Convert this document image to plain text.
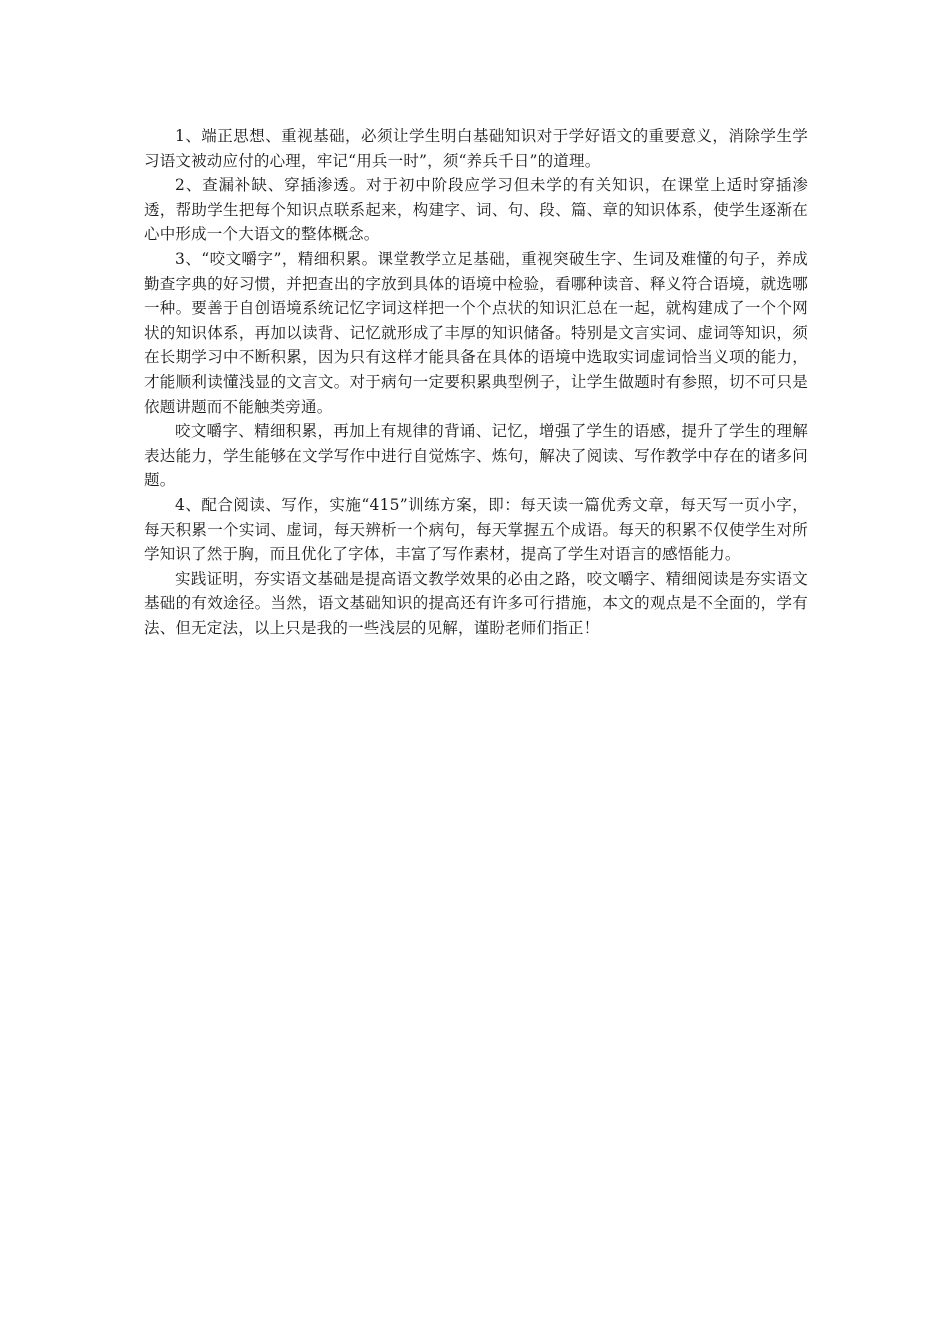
1、端正思想、重视基础，必须让学生明白基础知识对于学好语文的重要意义，消除学生学习语文被动应付的心理，牢记“用兵一时”，须“养兵千日”的道理。

2、查漏补缺、穿插渗透。对于初中阶段应学习但未学的有关知识，在课堂上适时穿插渗透，帮助学生把每个知识点联系起来，构建字、词、句、段、篇、章的知识体系，使学生逐渐在心中形成一个大语文的整体概念。

3、“咬文嚼字”，精细积累。课堂教学立足基础，重视突破生字、生词及难懂的句子，养成勤查字典的好习惯，并把查出的字放到具体的语境中检验，看哪种读音、释义符合语境，就选哪一种。要善于自创语境系统记忆字词这样把一个个点状的知识汇总在一起，就构建成了一个个网状的知识体系，再加以读背、记忆就形成了丰厚的知识储备。特别是文言实词、虚词等知识，须在长期学习中不断积累，因为只有这样才能具备在具体的语境中选取实词虚词恰当义项的能力，才能顺利读懂浅显的文言文。对于病句一定要积累典型例子，让学生做题时有参照，切不可只是依题讲题而不能触类旁通。

咬文嚼字、精细积累，再加上有规律的背诵、记忆，增强了学生的语感，提升了学生的理解表达能力，学生能够在文学写作中进行自觉炼字、炼句，解决了阅读、写作教学中存在的诸多问题。

4、配合阅读、写作，实施“415”训练方案，即：每天读一篇优秀文章，每天写一页小字，每天积累一个实词、虚词，每天辨析一个病句，每天掌握五个成语。每天的积累不仅使学生对所学知识了然于胸，而且优化了字体，丰富了写作素材，提高了学生对语言的感悟能力。

实践证明，夯实语文基础是提高语文教学效果的必由之路，咬文嚼字、精细阅读是夯实语文基础的有效途径。当然，语文基础知识的提高还有许多可行措施，本文的观点是不全面的，学有法、但无定法，以上只是我的一些浅层的见解，谨盼老师们指正！
